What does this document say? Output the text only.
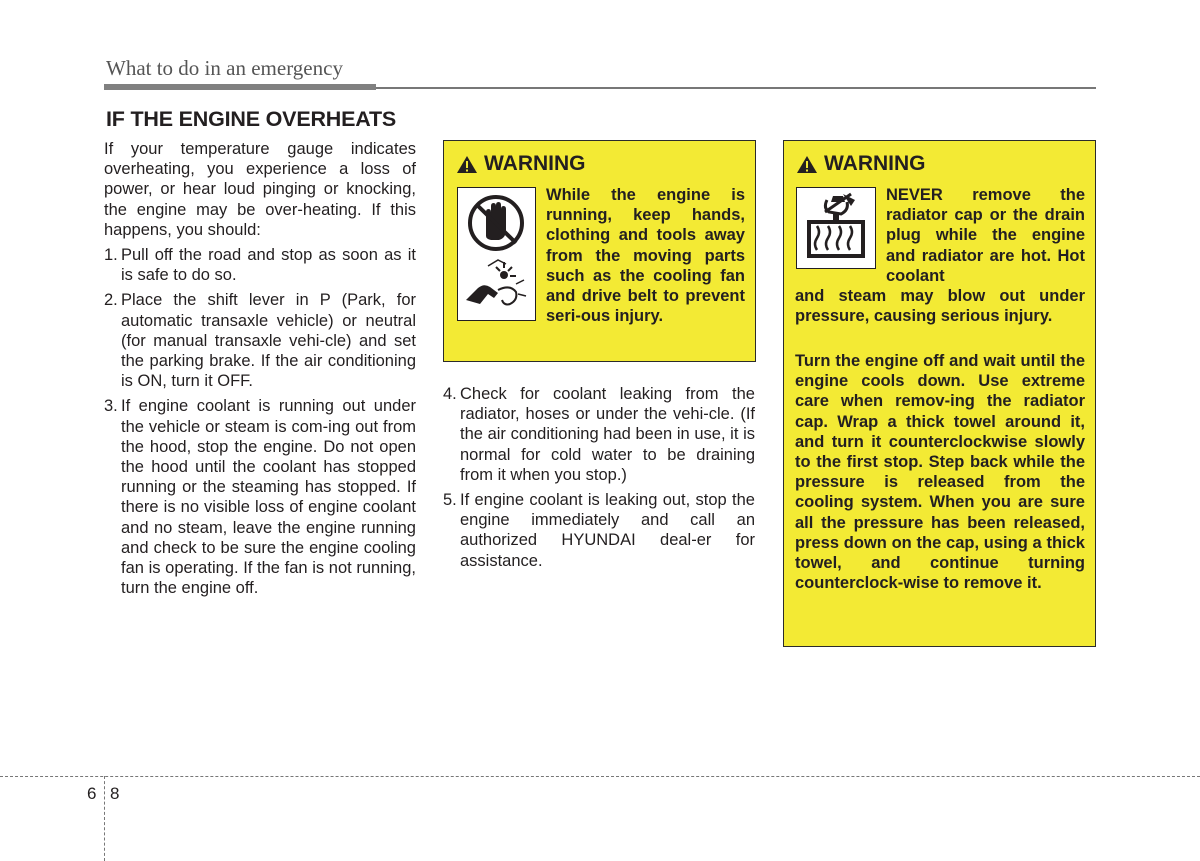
What to do in an emergency
IF THE ENGINE OVERHEATS

If your temperature gauge indicates overheating, you experience a loss of power, or hear loud pinging or knocking, the engine may be over-heating. If this happens, you should:

1. Pull off the road and stop as soon as it is safe to do so.
2. Place the shift lever in P (Park, for automatic transaxle vehicle) or neutral (for manual transaxle vehi-cle) and set the parking brake. If the air conditioning is ON, turn it OFF.
3. If engine coolant is running out under the vehicle or steam is com-ing out from the hood, stop the engine. Do not open the hood until the coolant has stopped running or the steaming has stopped. If there is no visible loss of engine coolant and no steam, leave the engine running and check to be sure the engine cooling fan is operating. If the fan is not running, turn the engine off.
WARNING
While the engine is running, keep hands, clothing and tools away from the moving parts such as the cooling fan and drive belt to prevent seri-ous injury.
4. Check for coolant leaking from the radiator, hoses or under the vehi-cle. (If the air conditioning had been in use, it is normal for cold water to be draining from it when you stop.)
5. If engine coolant is leaking out, stop the engine immediately and call an authorized HYUNDAI deal-er for assistance.
WARNING
NEVER remove the radiator cap or the drain plug while the engine and radiator are hot. Hot coolant
and steam may blow out under pressure, causing serious injury.
Turn the engine off and wait until the engine cools down. Use extreme care when remov-ing the radiator cap. Wrap a thick towel around it, and turn it counterclockwise slowly to the first stop. Step back while the pressure is released from the cooling system. When you are sure all the pressure has been released, press down on the cap, using a thick towel, and continue turning counterclock-wise to remove it.
6 8
